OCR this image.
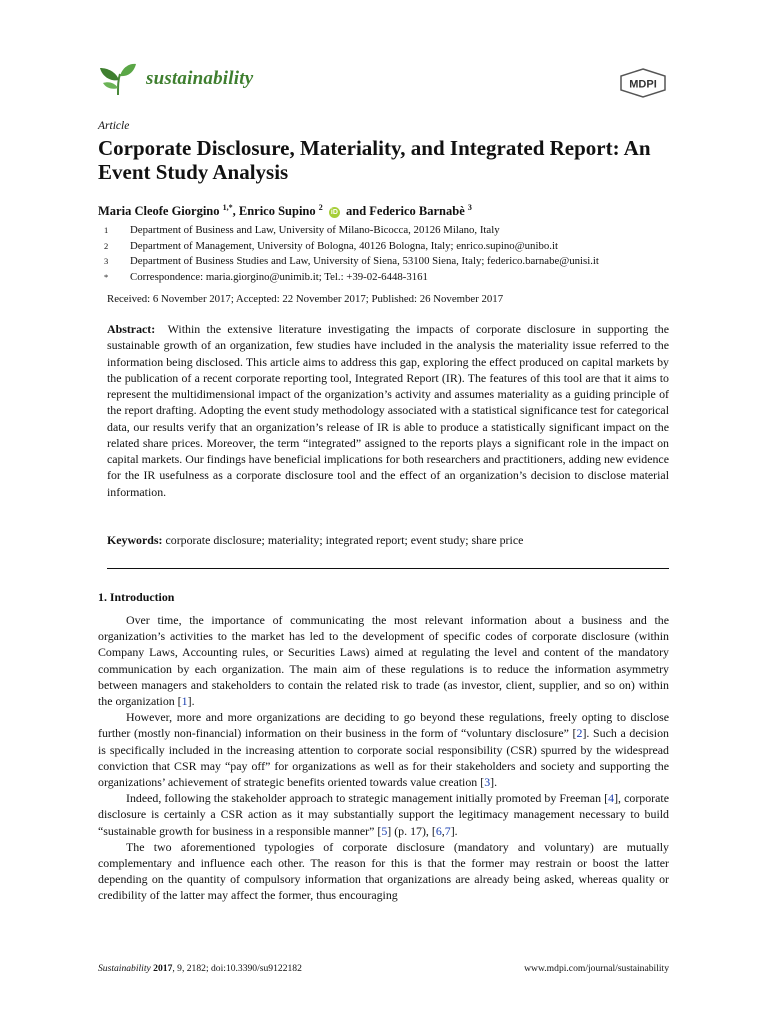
sustainability	MDPI
Article
Corporate Disclosure, Materiality, and Integrated Report: An Event Study Analysis
Maria Cleofe Giorgino $^{1,*}$, Enrico Supino $^2$ iD and Federico Barnabè $^3$
1	Department of Business and Law, University of Milano-Bicocca, 20126 Milano, Italy
2	Department of Management, University of Bologna, 40126 Bologna, Italy; enrico.supino@unibo.it
3	Department of Business Studies and Law, University of Siena, 53100 Siena, Italy; federico.barnabe@unisi.it
*	Correspondence: maria.giorgino@unimib.it; Tel.: +39-02-6448-3161
Received: 6 November 2017; Accepted: 22 November 2017; Published: 26 November 2017
Abstract: Within the extensive literature investigating the impacts of corporate disclosure in supporting the sustainable growth of an organization, few studies have included in the analysis the materiality issue referred to the information being disclosed. This article aims to address this gap, exploring the effect produced on capital markets by the publication of a recent corporate reporting tool, Integrated Report (IR). The features of this tool are that it aims to represent the multidimensional impact of the organization’s activity and assumes materiality as a guiding principle of the report drafting. Adopting the event study methodology associated with a statistical significance test for categorical data, our results verify that an organization’s release of IR is able to produce a statistically significant impact on the related share prices. Moreover, the term “integrated” assigned to the reports plays a significant role in the impact on capital markets. Our findings have beneficial implications for both researchers and practitioners, adding new evidence for the IR usefulness as a corporate disclosure tool and the effect of an organization’s decision to disclose material information.
Keywords: corporate disclosure; materiality; integrated report; event study; share price
1. Introduction

Over time, the importance of communicating the most relevant information about a business and the organization’s activities to the market has led to the development of specific codes of corporate disclosure (within Company Laws, Accounting rules, or Securities Laws) aimed at regulating the level and content of the mandatory communication by each organization. The main aim of these regulations is to reduce the information asymmetry between managers and stakeholders to contain the related risk to trade (as investor, client, supplier, and so on) within the organization [1].

However, more and more organizations are deciding to go beyond these regulations, freely opting to disclose further (mostly non-financial) information on their business in the form of “voluntary disclosure” [2]. Such a decision is specifically included in the increasing attention to corporate social responsibility (CSR) spurred by the widespread conviction that CSR may “pay off” for organizations as well as for their stakeholders and society and supporting the organizations’ achievement of strategic benefits oriented towards value creation [3].

Indeed, following the stakeholder approach to strategic management initially promoted by Freeman [4], corporate disclosure is certainly a CSR action as it may substantially support the legitimacy management necessary to build “sustainable growth for business in a responsible manner” [5] (p. 17), [6,7].

The two aforementioned typologies of corporate disclosure (mandatory and voluntary) are mutually complementary and influence each other. The reason for this is that the former may restrain or boost the latter depending on the quantity of compulsory information that organizations are already being asked, whereas quality or credibility of the latter may affect the former, thus encouraging

Sustainability 2017, 9, 2182; doi:10.3390/su9122182	www.mdpi.com/journal/sustainability
